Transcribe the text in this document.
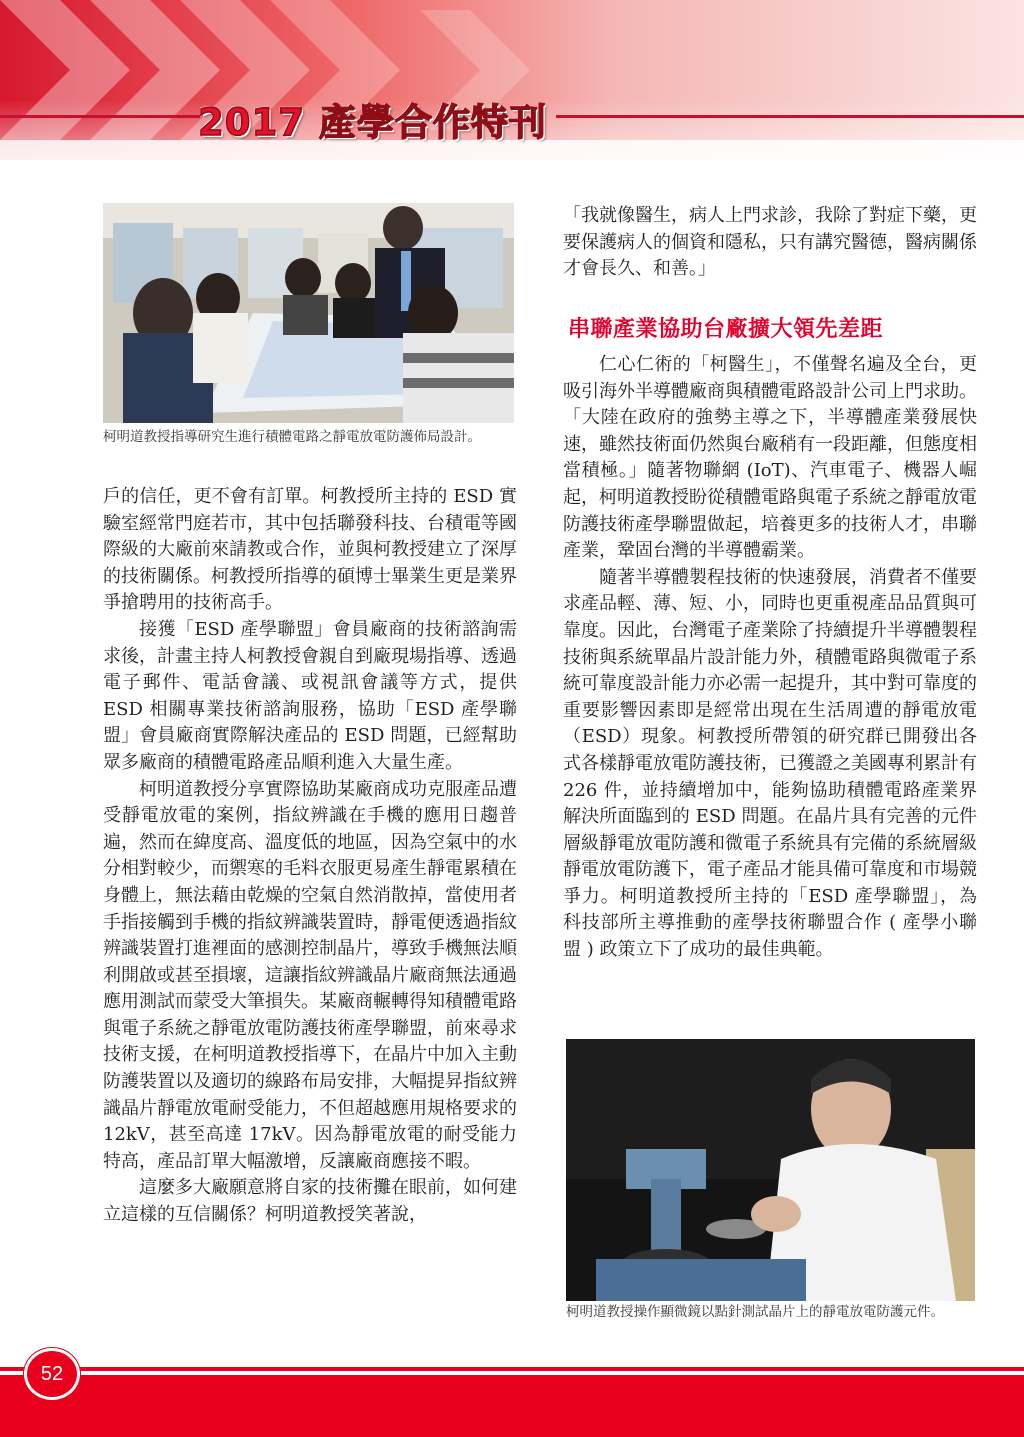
2017 產學合作特刊
柯明道教授指導研究生進行積體電路之靜電放電防護佈局設計。

戶的信任，更不會有訂單。柯教授所主持的 ESD 實驗室經常門庭若市，其中包括聯發科技、台積電等國際級的大廠前來請教或合作，並與柯教授建立了深厚的技術關係。柯教授所指導的碩博士畢業生更是業界爭搶聘用的技術高手。

接獲「ESD 產學聯盟」會員廠商的技術諮詢需求後，計畫主持人柯教授會親自到廠現場指導、透過電子郵件、電話會議、或視訊會議等方式，提供 ESD 相關專業技術諮詢服務，協助「ESD 產學聯盟」會員廠商實際解決產品的 ESD 問題，已經幫助眾多廠商的積體電路產品順利進入大量生產。

柯明道教授分享實際協助某廠商成功克服產品遭受靜電放電的案例，指紋辨識在手機的應用日趨普遍，然而在緯度高、溫度低的地區，因為空氣中的水分相對較少，而禦寒的毛料衣服更易產生靜電累積在身體上，無法藉由乾燥的空氣自然消散掉，當使用者手指接觸到手機的指紋辨識裝置時，靜電便透過指紋辨識裝置打進裡面的感測控制晶片，導致手機無法順利開啟或甚至損壞，這讓指紋辨識晶片廠商無法通過應用測試而蒙受大筆損失。某廠商輾轉得知積體電路與電子系統之靜電放電防護技術產學聯盟，前來尋求技術支援，在柯明道教授指導下，在晶片中加入主動防護裝置以及適切的線路布局安排，大幅提昇指紋辨識晶片靜電放電耐受能力，不但超越應用規格要求的 12kV，甚至高達 17kV。因為靜電放電的耐受能力特高，產品訂單大幅激增，反讓廠商應接不暇。

這麼多大廠願意將自家的技術攤在眼前，如何建立這樣的互信關係？柯明道教授笑著說，

「我就像醫生，病人上門求診，我除了對症下藥，更要保護病人的個資和隱私，只有講究醫德，醫病關係才會長久、和善。」

串聯產業協助台廠擴大領先差距

仁心仁術的「柯醫生」，不僅聲名遍及全台，更吸引海外半導體廠商與積體電路設計公司上門求助。「大陸在政府的強勢主導之下，半導體產業發展快速，雖然技術面仍然與台廠稍有一段距離，但態度相當積極。」隨著物聯網 (IoT)、汽車電子、機器人崛起，柯明道教授盼從積體電路與電子系統之靜電放電防護技術產學聯盟做起，培養更多的技術人才，串聯產業，鞏固台灣的半導體霸業。

隨著半導體製程技術的快速發展，消費者不僅要求產品輕、薄、短、小，同時也更重視產品品質與可靠度。因此，台灣電子產業除了持續提升半導體製程技術與系統單晶片設計能力外，積體電路與微電子系統可靠度設計能力亦必需一起提升，其中對可靠度的重要影響因素即是經常出現在生活周遭的靜電放電（ESD）現象。柯教授所帶領的研究群已開發出各式各樣靜電放電防護技術，已獲證之美國專利累計有 226 件，並持續增加中，能夠協助積體電路產業界解決所面臨到的 ESD 問題。在晶片具有完善的元件層級靜電放電防護和微電子系統具有完備的系統層級靜電放電防護下，電子產品才能具備可靠度和市場競爭力。柯明道教授所主持的「ESD 產學聯盟」，為科技部所主導推動的產學技術聯盟合作 ( 產學小聯盟 ) 政策立下了成功的最佳典範。

柯明道教授操作顯微鏡以點針測試晶片上的靜電放電防護元件。
52
